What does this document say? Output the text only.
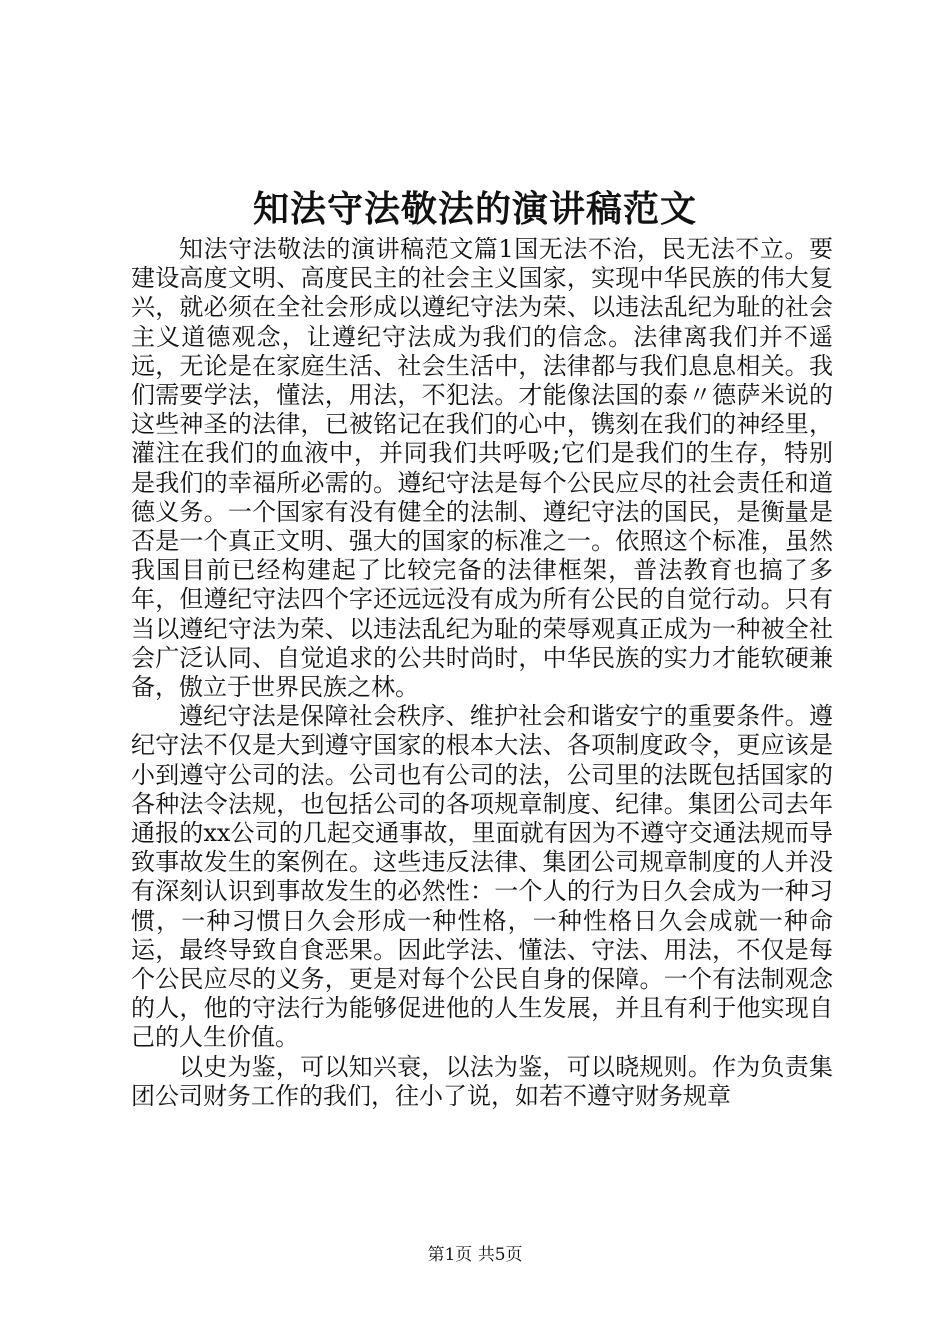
知法守法敬法的演讲稿范文

知法守法敬法的演讲稿范文篇1国无法不治，民无法不立。要建设高度文明、高度民主的社会主义国家，实现中华民族的伟大复兴，就必须在全社会形成以遵纪守法为荣、以违法乱纪为耻的社会主义道德观念，让遵纪守法成为我们的信念。法律离我们并不遥远，无论是在家庭生活、社会生活中，法律都与我们息息相关。我们需要学法，懂法，用法，不犯法。才能像法国的泰〃德萨米说的这些神圣的法律，已被铭记在我们的心中，镌刻在我们的神经里，灌注在我们的血液中，并同我们共呼吸;它们是我们的生存，特别是我们的幸福所必需的。遵纪守法是每个公民应尽的社会责任和道德义务。一个国家有没有健全的法制、遵纪守法的国民，是衡量是否是一个真正文明、强大的国家的标准之一。依照这个标准，虽然我国目前已经构建起了比较完备的法律框架，普法教育也搞了多年，但遵纪守法四个字还远远没有成为所有公民的自觉行动。只有当以遵纪守法为荣、以违法乱纪为耻的荣辱观真正成为一种被全社会广泛认同、自觉追求的公共时尚时，中华民族的实力才能软硬兼备，傲立于世界民族之林。

遵纪守法是保障社会秩序、维护社会和谐安宁的重要条件。遵纪守法不仅是大到遵守国家的根本大法、各项制度政令，更应该是小到遵守公司的法。公司也有公司的法，公司里的法既包括国家的各种法令法规，也包括公司的各项规章制度、纪律。集团公司去年通报的xx公司的几起交通事故，里面就有因为不遵守交通法规而导致事故发生的案例在。这些违反法律、集团公司规章制度的人并没有深刻认识到事故发生的必然性：一个人的行为日久会成为一种习惯，一种习惯日久会形成一种性格，一种性格日久会成就一种命运，最终导致自食恶果。因此学法、懂法、守法、用法，不仅是每个公民应尽的义务，更是对每个公民自身的保障。一个有法制观念的人，他的守法行为能够促进他的人生发展，并且有利于他实现自己的人生价值。

以史为鉴，可以知兴衰，以法为鉴，可以晓规则。作为负责集团公司财务工作的我们，往小了说，如若不遵守财务规章

第1页 共5页
